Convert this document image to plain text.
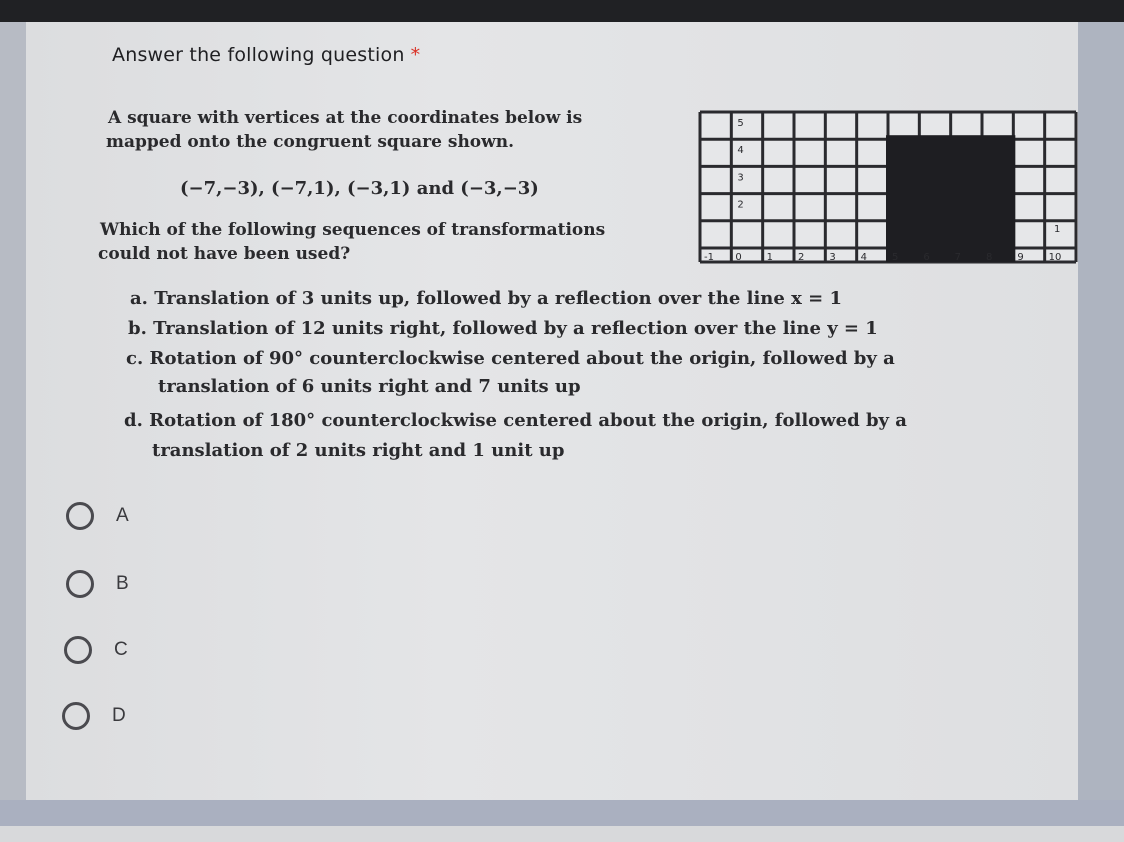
Answer the following question *
A square with vertices at the coordinates below is
mapped onto the congruent square shown.
(−7,−3), (−7,1), (−3,1) and (−3,−3)
Which of the following sequences of transformations
could not have been used?
a. Translation of 3 units up, followed by a reflection over the line x = 1
b. Translation of 12 units right, followed by a reflection over the line y = 1
c. Rotation of 90° counterclockwise centered about the origin, followed by a
translation of 6 units right and 7 units up
d. Rotation of 180° counterclockwise centered about the origin, followed by a
translation of 2 units right and 1 unit up
-1 0 1 2 3 4 5 6 7 8 9 10
5
4
3
2
1
A
B
C
D
